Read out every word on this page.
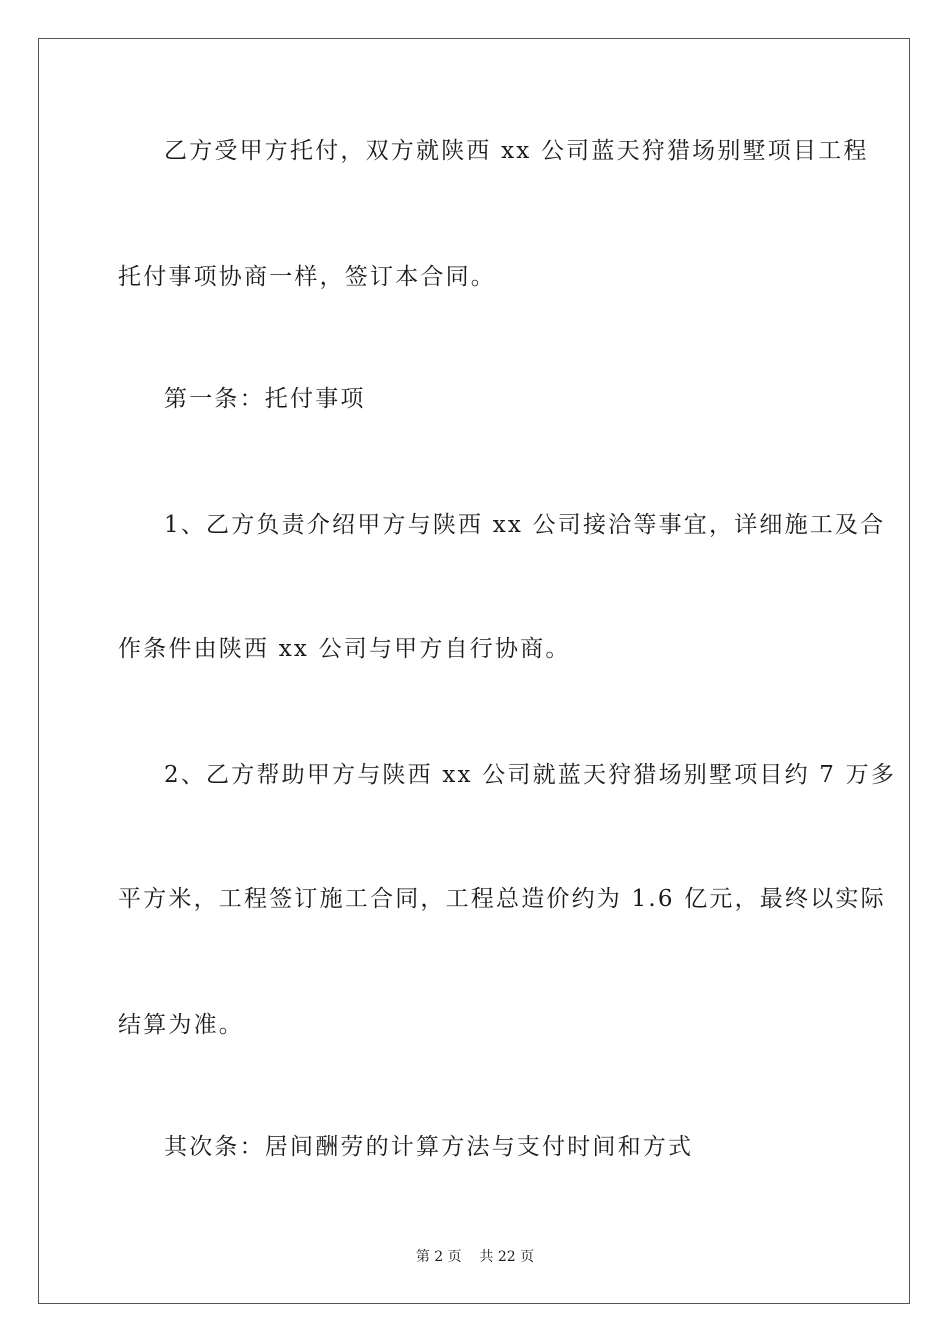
乙方受甲方托付，双方就陕西 xx 公司蓝天狩猎场别墅项目工程

托付事项协商一样，签订本合同。

第一条：托付事项

1、乙方负责介绍甲方与陕西 xx 公司接洽等事宜，详细施工及合

作条件由陕西 xx 公司与甲方自行协商。

2、乙方帮助甲方与陕西 xx 公司就蓝天狩猎场别墅项目约 7 万多

平方米，工程签订施工合同，工程总造价约为 1.6 亿元，最终以实际

结算为准。

其次条：居间酬劳的计算方法与支付时间和方式

第 2 页    共 22 页
